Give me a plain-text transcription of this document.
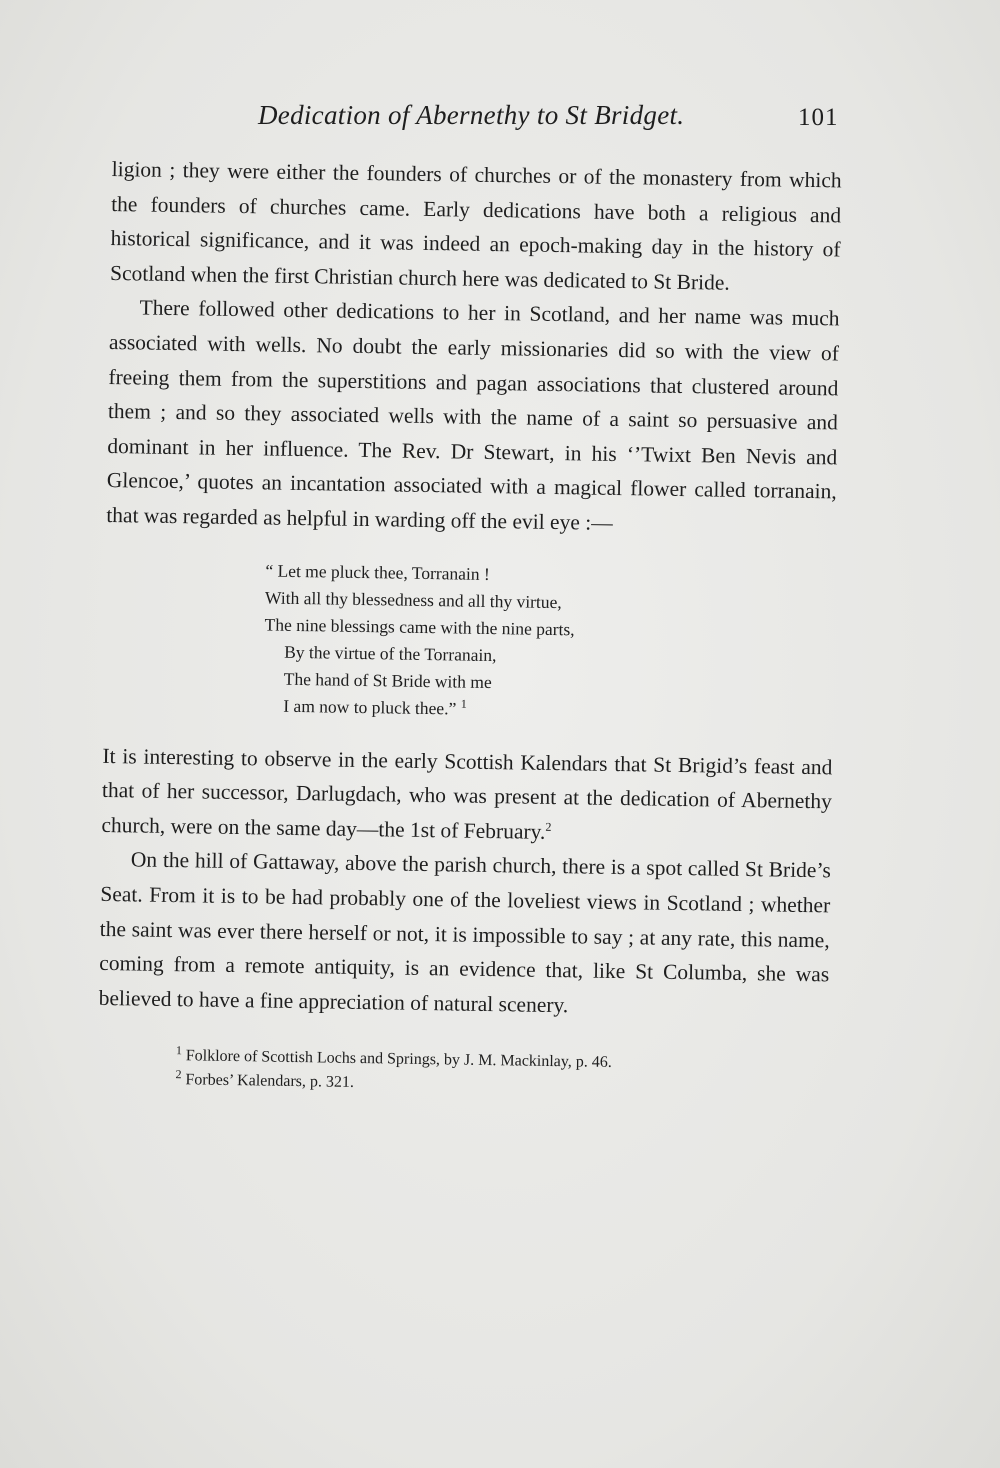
Dedication of Abernethy to St Bridget.	101

ligion ; they were either the founders of churches or of the monastery from which the founders of churches came. Early dedications have both a religious and historical significance, and it was indeed an epoch-making day in the history of Scotland when the first Christian church here was dedicated to St Bride.

There followed other dedications to her in Scotland, and her name was much associated with wells. No doubt the early missionaries did so with the view of freeing them from the superstitions and pagan associations that clustered around them ; and so they associated wells with the name of a saint so persuasive and dominant in her influence. The Rev. Dr Stewart, in his ‘’Twixt Ben Nevis and Glencoe,’ quotes an incantation associated with a magical flower called torranain, that was regarded as helpful in warding off the evil eye :—

“ Let me pluck thee, Torranain !
With all thy blessedness and all thy virtue,
The nine blessings came with the nine parts,
By the virtue of the Torranain,
The hand of St Bride with me
I am now to pluck thee.” $^1$

It is interesting to observe in the early Scottish Kalendars that St Brigid’s feast and that of her successor, Darlugdach, who was present at the dedication of Abernethy church, were on the same day—the 1st of February.$^2$

On the hill of Gattaway, above the parish church, there is a spot called St Bride’s Seat. From it is to be had probably one of the loveliest views in Scotland ; whether the saint was ever there herself or not, it is impossible to say ; at any rate, this name, coming from a remote antiquity, is an evidence that, like St Columba, she was believed to have a fine appreciation of natural scenery.

$^1$ Folklore of Scottish Lochs and Springs, by J. M. Mackinlay, p. 46.
$^2$ Forbes’ Kalendars, p. 321.
